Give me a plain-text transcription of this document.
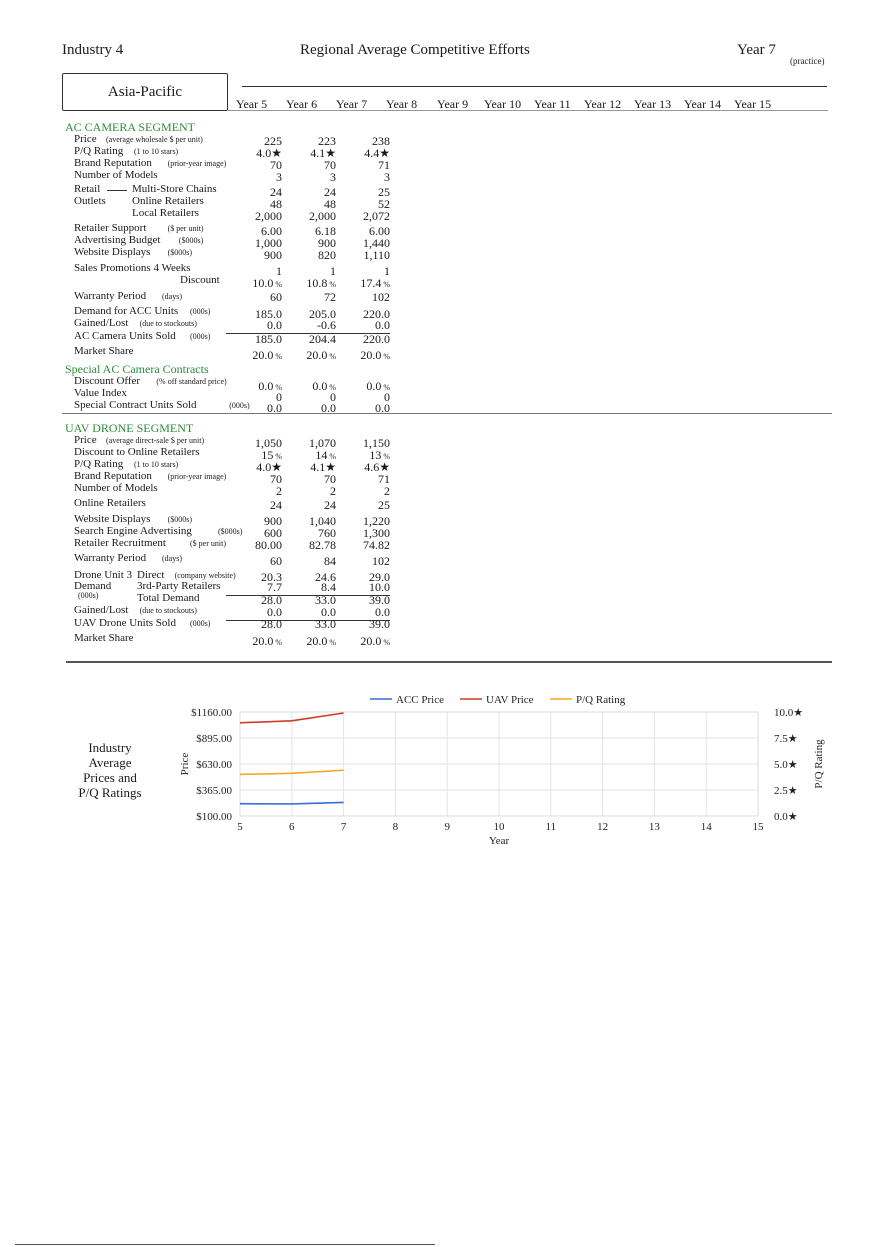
Industry 4	Regional Average Competitive Efforts	Year 7
(practice)
Asia-Pacific
Year 5 Year 6 Year 7 Year 8 Year 9 Year 10 Year 11 Year 12 Year 13 Year 14 Year 15
AC CAMERA SEGMENT
Price (average wholesale $ per unit)	225	223	238
P/Q Rating (1 to 10 stars)	4.0★	4.1★	4.4★
Brand Reputation (prior-year image)	70	70	71
Number of Models	3	3	3
Retail
Outlets
Multi-Store Chains	24	24	25
Online Retailers	48	48	52
Local Retailers	2,000	2,000	2,072
Retailer Support	($ per unit)	6.00	6.18	6.00
Advertising Budget ($000s)	1,000	900	1,440
Website Displays ($000s)	900	820	1,110
Sales Promotions 4 Weeks	1	1	1
Discount	10.0 %	10.8 %	17.4 %
Warranty Period (days)	60	72	102
Demand for ACC Units (000s)	185.0	205.0	220.0
Gained/Lost (due to stockouts)	0.0	-0.6	0.0
AC Camera Units Sold (000s)	185.0	204.4	220.0
Market Share	20.0 %	20.0 %	20.0 %
Special AC Camera Contracts
Discount Offer (% off standard price)	0.0 %	0.0 %	0.0 %
Value Index	0	0	0
Special Contract Units Sold	(000s)	0.0	0.0	0.0
UAV DRONE SEGMENT
Price (average direct-sale $ per unit)	1,050	1,070	1,150
Discount to Online Retailers	15 %	14 %	13 %
P/Q Rating (1 to 10 stars)	4.0★	4.1★	4.6★
Brand Reputation (prior-year image)	70	70	71
Number of Models	2	2	2
Online Retailers	24	24	25
Website Displays ($000s)	900	1,040	1,220
Search Engine Advertising	($000s)	600	760	1,300
Retailer Recruitment	($ per unit)	80.00	82.78	74.82
Warranty Period (days)	60	84	102
Drone Unit 3
Demand
(000s)
Direct (company website)	20.3	24.6	29.0
3rd-Party Retailers	7.7	8.4	10.0
Total Demand	28.0	33.0	39.0
Gained/Lost (due to stockouts)	0.0	0.0	0.0
UAV Drone Units Sold (000s)	28.0	33.0	39.0
Market Share	20.0 %	20.0 %	20.0 %
Industry
Average
Prices and
P/Q Ratings
$100.00
$365.00
$630.00
$895.00
$1160.00
0.0★
2.5★
5.0★
7.5★
10.0★
5	6	7	8	9	10	11	12	13	14	15
Year
Price	P/Q Rating
ACC Price	UAV Price	P/Q Rating
